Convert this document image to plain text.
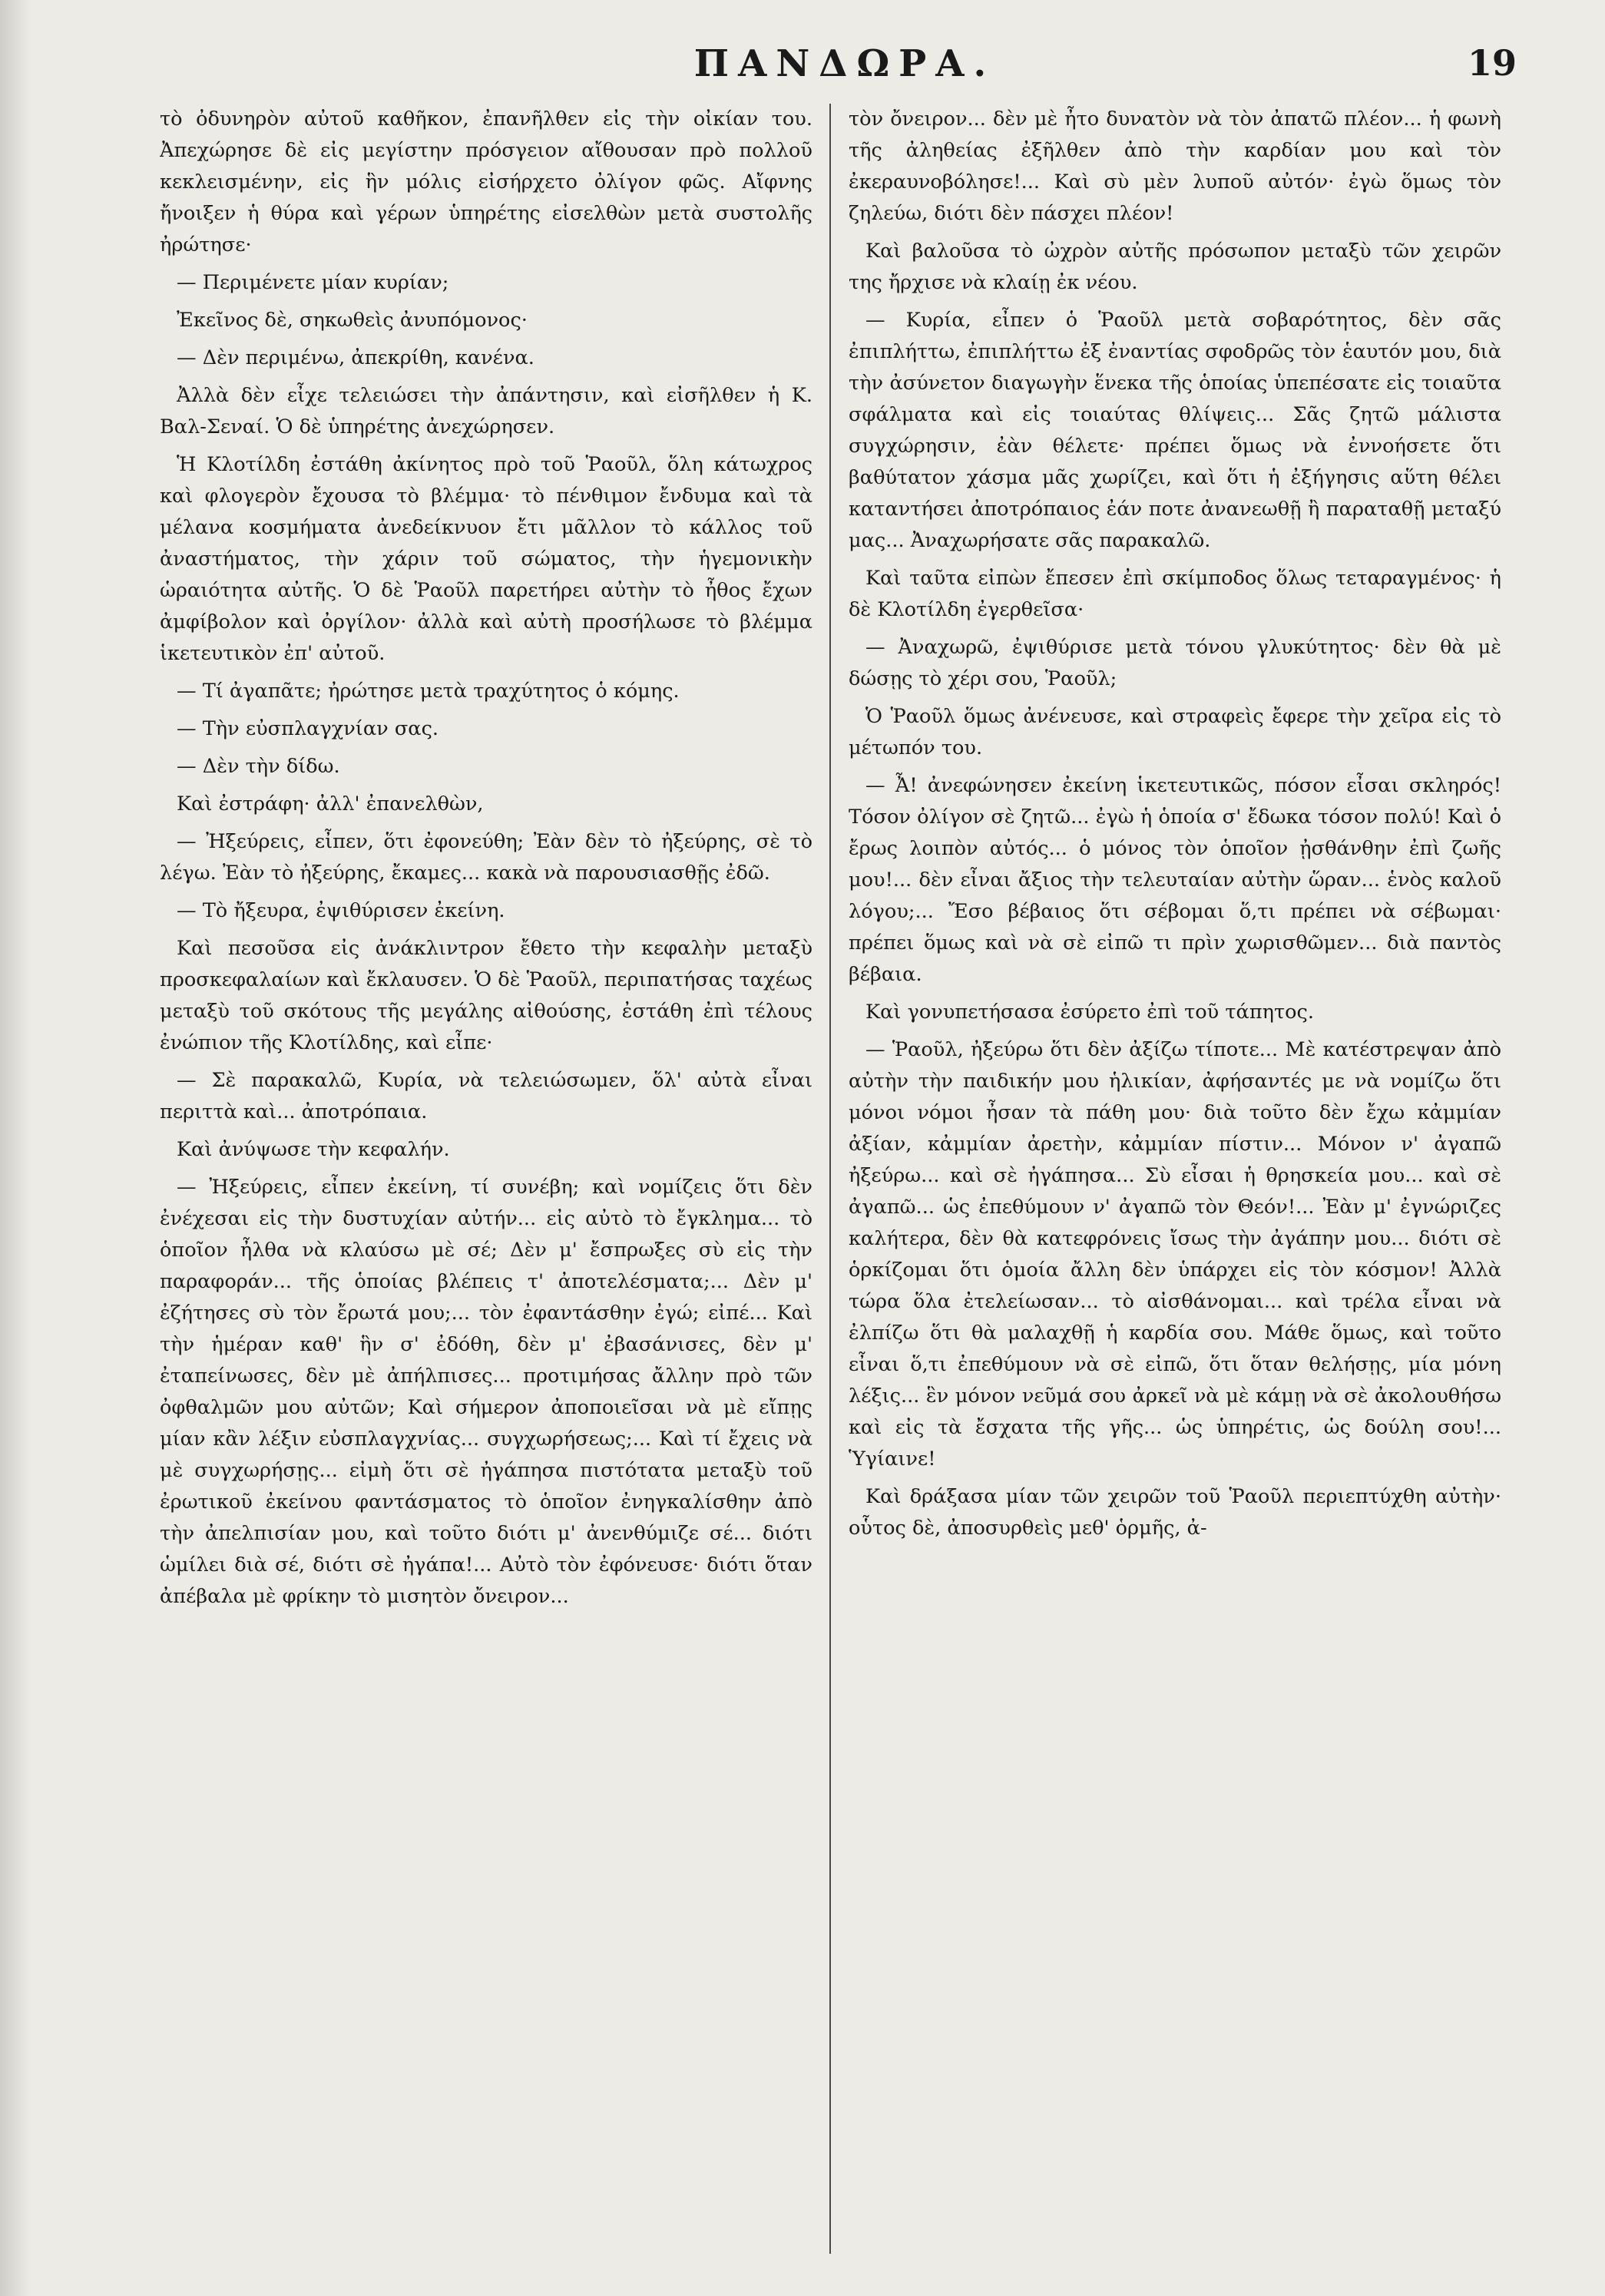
ΠΑΝΔΩΡΑ.	19

τὸ ὀδυνηρὸν αὐτοῦ καθῆκον, ἐπανῆλθεν εἰς τὴν οἰκίαν του. Ἀπεχώρησε δὲ εἰς μεγίστην πρόσγειον αἴθουσαν πρὸ πολλοῦ κεκλεισμένην, εἰς ἣν μόλις εἰσήρχετο ὀλίγον φῶς. Αἴφνης ἤνοιξεν ἡ θύρα καὶ γέρων ὑπηρέτης εἰσελθὼν μετὰ συστολῆς ἠρώτησε·

— Περιμένετε μίαν κυρίαν;

Ἐκεῖνος δὲ, σηκωθεὶς ἀνυπόμονος·

— Δὲν περιμένω, ἀπεκρίθη, κανένα.

Ἀλλὰ δὲν εἶχε τελειώσει τὴν ἀπάντησιν, καὶ εἰσῆλθεν ἡ Κ. Βαλ-Σεναί. Ὁ δὲ ὑπηρέτης ἀνεχώρησεν.

Ἡ Κλοτίλδη ἐστάθη ἀκίνητος πρὸ τοῦ Ῥαοῦλ, ὅλη κάτωχρος καὶ φλογερὸν ἔχουσα τὸ βλέμμα· τὸ πένθιμον ἔνδυμα καὶ τὰ μέλανα κοσμήματα ἀνεδείκνυον ἔτι μᾶλλον τὸ κάλλος τοῦ ἀναστήματος, τὴν χάριν τοῦ σώματος, τὴν ἡγεμονικὴν ὡραιότητα αὐτῆς. Ὁ δὲ Ῥαοῦλ παρετήρει αὐτὴν τὸ ἦθος ἔχων ἀμφίβολον καὶ ὀργίλον· ἀλλὰ καὶ αὐτὴ προσήλωσε τὸ βλέμμα ἱκετευτικὸν ἐπ' αὐτοῦ.

— Τί ἀγαπᾶτε; ἠρώτησε μετὰ τραχύτητος ὁ κόμης.

— Τὴν εὐσπλαγχνίαν σας.

— Δὲν τὴν δίδω.

Καὶ ἐστράφη· ἀλλ' ἐπανελθὼν,

— Ἠξεύρεις, εἶπεν, ὅτι ἐφονεύθη; Ἐὰν δὲν τὸ ἠξεύρης, σὲ τὸ λέγω. Ἐὰν τὸ ἠξεύρης, ἔκαμες... κακὰ νὰ παρουσιασθῇς ἐδῶ.

— Τὸ ἤξευρα, ἐψιθύρισεν ἐκείνη.

Καὶ πεσοῦσα εἰς ἀνάκλιντρον ἔθετο τὴν κεφαλὴν μεταξὺ προσκεφαλαίων καὶ ἔκλαυσεν. Ὁ δὲ Ῥαοῦλ, περιπατήσας ταχέως μεταξὺ τοῦ σκότους τῆς μεγάλης αἰθούσης, ἐστάθη ἐπὶ τέλους ἐνώπιον τῆς Κλοτίλδης, καὶ εἶπε·

— Σὲ παρακαλῶ, Κυρία, νὰ τελειώσωμεν, ὅλ' αὐτὰ εἶναι περιττὰ καὶ... ἀποτρόπαια.

Καὶ ἀνύψωσε τὴν κεφαλήν.

— Ἠξεύρεις, εἶπεν ἐκείνη, τί συνέβη; καὶ νομίζεις ὅτι δὲν ἐνέχεσαι εἰς τὴν δυστυχίαν αὐτήν... εἰς αὐτὸ τὸ ἔγκλημα... τὸ ὁποῖον ἦλθα νὰ κλαύσω μὲ σέ; Δὲν μ' ἔσπρωξες σὺ εἰς τὴν παραφοράν... τῆς ὁποίας βλέπεις τ' ἀποτελέσματα;... Δὲν μ' ἐζήτησες σὺ τὸν ἔρωτά μου;... τὸν ἐφαντάσθην ἐγώ; εἰπέ... Καὶ τὴν ἡμέραν καθ' ἣν σ' ἐδόθη, δὲν μ' ἐβασάνισες, δὲν μ' ἐταπείνωσες, δὲν μὲ ἀπήλπισες... προτιμήσας ἄλλην πρὸ τῶν ὀφθαλμῶν μου αὐτῶν; Καὶ σήμερον ἀποποιεῖσαι νὰ μὲ εἴπῃς μίαν κἂν λέξιν εὐσπλαγχνίας... συγχωρήσεως;... Καὶ τί ἔχεις νὰ μὲ συγχωρήσῃς... εἰμὴ ὅτι σὲ ἠγάπησα πιστότατα μεταξὺ τοῦ ἐρωτικοῦ ἐκείνου φαντάσματος τὸ ὁποῖον ἐνηγκαλίσθην ἀπὸ τὴν ἀπελπισίαν μου, καὶ τοῦτο διότι μ' ἀνενθύμιζε σέ... διότι ὡμίλει διὰ σέ, διότι σὲ ἠγάπα!... Αὐτὸ τὸν ἐφόνευσε· διότι ὅταν ἀπέβαλα μὲ φρίκην τὸ μισητὸν ὄνειρον...

τὸν ὄνειρον... δὲν μὲ ἦτο δυνατὸν νὰ τὸν ἀπατῶ πλέον... ἡ φωνὴ τῆς ἀληθείας ἐξῆλθεν ἀπὸ τὴν καρδίαν μου καὶ τὸν ἐκεραυνοβόλησε!... Καὶ σὺ μὲν λυποῦ αὐτόν· ἐγὼ ὅμως τὸν ζηλεύω, διότι δὲν πάσχει πλέον!

Καὶ βαλοῦσα τὸ ὠχρὸν αὐτῆς πρόσωπον μεταξὺ τῶν χειρῶν της ἤρχισε νὰ κλαίῃ ἐκ νέου.

— Κυρία, εἶπεν ὁ Ῥαοῦλ μετὰ σοβαρότητος, δὲν σᾶς ἐπιπλήττω, ἐπιπλήττω ἐξ ἐναντίας σφοδρῶς τὸν ἑαυτόν μου, διὰ τὴν ἀσύνετον διαγωγὴν ἕνεκα τῆς ὁποίας ὑπεπέσατε εἰς τοιαῦτα σφάλματα καὶ εἰς τοιαύτας θλίψεις... Σᾶς ζητῶ μάλιστα συγχώρησιν, ἐὰν θέλετε· πρέπει ὅμως νὰ ἐννοήσετε ὅτι βαθύτατον χάσμα μᾶς χωρίζει, καὶ ὅτι ἡ ἐξήγησις αὕτη θέλει καταντήσει ἀποτρόπαιος ἐάν ποτε ἀνανεωθῇ ἢ παραταθῇ μεταξύ μας... Ἀναχωρήσατε σᾶς παρακαλῶ.

Καὶ ταῦτα εἰπὼν ἔπεσεν ἐπὶ σκίμποδος ὅλως τεταραγμένος· ἡ δὲ Κλοτίλδη ἐγερθεῖσα·

— Ἀναχωρῶ, ἐψιθύρισε μετὰ τόνου γλυκύτητος· δὲν θὰ μὲ δώσῃς τὸ χέρι σου, Ῥαοῦλ;

Ὁ Ῥαοῦλ ὅμως ἀνένευσε, καὶ στραφεὶς ἔφερε τὴν χεῖρα εἰς τὸ μέτωπόν του.

— Ἆ! ἀνεφώνησεν ἐκείνη ἱκετευτικῶς, πόσον εἶσαι σκληρός! Τόσον ὀλίγον σὲ ζητῶ... ἐγὼ ἡ ὁποία σ' ἔδωκα τόσον πολύ! Καὶ ὁ ἔρως λοιπὸν αὐτός... ὁ μόνος τὸν ὁποῖον ᾐσθάνθην ἐπὶ ζωῆς μου!... δὲν εἶναι ἄξιος τὴν τελευταίαν αὐτὴν ὥραν... ἑνὸς καλοῦ λόγου;... Ἔσο βέβαιος ὅτι σέβομαι ὅ,τι πρέπει νὰ σέβωμαι· πρέπει ὅμως καὶ νὰ σὲ εἰπῶ τι πρὶν χωρισθῶμεν... διὰ παντὸς βέβαια.

Καὶ γονυπετήσασα ἐσύρετο ἐπὶ τοῦ τάπητος.

— Ῥαοῦλ, ἠξεύρω ὅτι δὲν ἀξίζω τίποτε... Μὲ κατέστρεψαν ἀπὸ αὐτὴν τὴν παιδικήν μου ἡλικίαν, ἀφήσαντές με νὰ νομίζω ὅτι μόνοι νόμοι ἦσαν τὰ πάθη μου· διὰ τοῦτο δὲν ἔχω κἀμμίαν ἀξίαν, κἀμμίαν ἀρετὴν, κἀμμίαν πίστιν... Μόνον ν' ἀγαπῶ ἠξεύρω... καὶ σὲ ἠγάπησα... Σὺ εἶσαι ἡ θρησκεία μου... καὶ σὲ ἀγαπῶ... ὡς ἐπεθύμουν ν' ἀγαπῶ τὸν Θεόν!... Ἐὰν μ' ἐγνώριζες καλήτερα, δὲν θὰ κατεφρόνεις ἴσως τὴν ἀγάπην μου... διότι σὲ ὁρκίζομαι ὅτι ὁμοία ἄλλη δὲν ὑπάρχει εἰς τὸν κόσμον! Ἀλλὰ τώρα ὅλα ἐτελείωσαν... τὸ αἰσθάνομαι... καὶ τρέλα εἶναι νὰ ἐλπίζω ὅτι θὰ μαλαχθῇ ἡ καρδία σου. Μάθε ὅμως, καὶ τοῦτο εἶναι ὅ,τι ἐπεθύμουν νὰ σὲ εἰπῶ, ὅτι ὅταν θελήσῃς, μία μόνη λέξις... ἓν μόνον νεῦμά σου ἀρκεῖ νὰ μὲ κάμῃ νὰ σὲ ἀκολουθήσω καὶ εἰς τὰ ἔσχατα τῆς γῆς... ὡς ὑπηρέτις, ὡς δούλη σου!... Ὑγίαινε!

Καὶ δράξασα μίαν τῶν χειρῶν τοῦ Ῥαοῦλ περιεπτύχθη αὐτὴν· οὗτος δὲ, ἀποσυρθεὶς μεθ' ὁρμῆς, ἀ-
